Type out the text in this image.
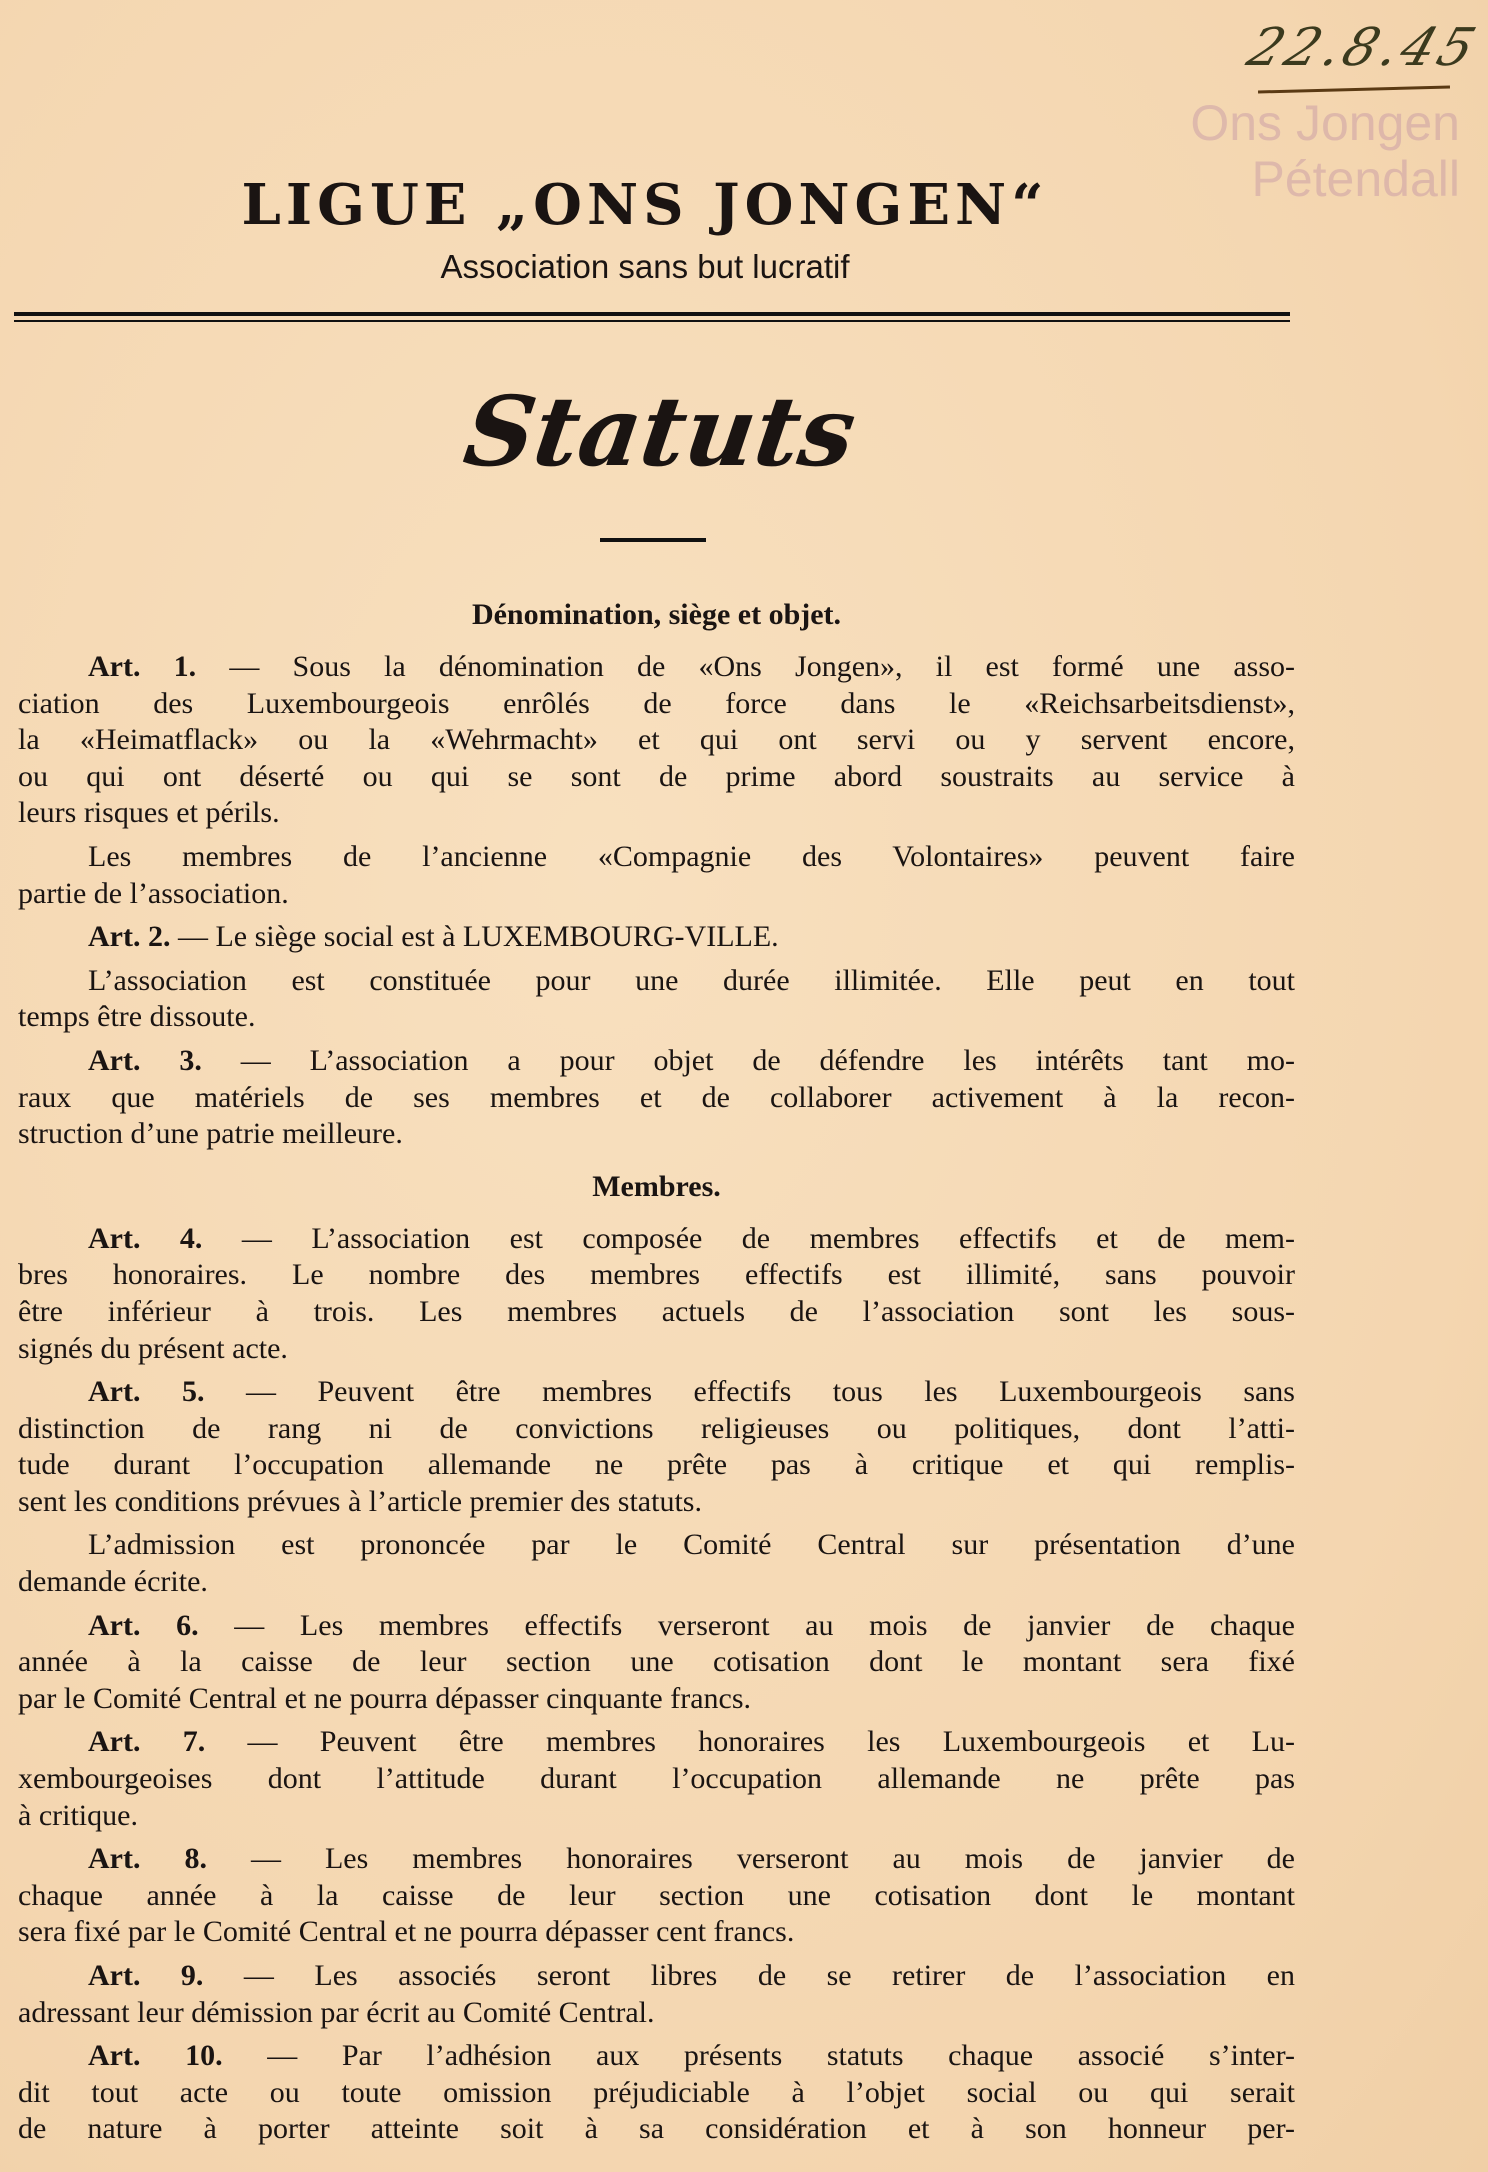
22.8.45
Ons Jongen
Pétendall
LIGUE „ONS JONGEN“
Association sans but lucratif
Statuts
Dénomination, siège et objet.
Art. 1. — Sous la dénomination de «Ons Jongen», il est formé une asso-
ciation des Luxembourgeois enrôlés de force dans le «Reichsarbeitsdienst»,
la «Heimatflack» ou la «Wehrmacht» et qui ont servi ou y servent encore,
ou qui ont déserté ou qui se sont de prime abord soustraits au service à
leurs risques et périls.
Les membres de l’ancienne «Compagnie des Volontaires» peuvent faire
partie de l’association.
Art. 2. — Le siège social est à LUXEMBOURG-VILLE.
L’association est constituée pour une durée illimitée. Elle peut en tout
temps être dissoute.
Art. 3. — L’association a pour objet de défendre les intérêts tant mo-
raux que matériels de ses membres et de collaborer activement à la recon-
struction d’une patrie meilleure.
Membres.
Art. 4. — L’association est composée de membres effectifs et de mem-
bres honoraires. Le nombre des membres effectifs est illimité, sans pouvoir
être inférieur à trois. Les membres actuels de l’association sont les sous-
signés du présent acte.
Art. 5. — Peuvent être membres effectifs tous les Luxembourgeois sans
distinction de rang ni de convictions religieuses ou politiques, dont l’atti-
tude durant l’occupation allemande ne prête pas à critique et qui remplis-
sent les conditions prévues à l’article premier des statuts.
L’admission est prononcée par le Comité Central sur présentation d’une
demande écrite.
Art. 6. — Les membres effectifs verseront au mois de janvier de chaque
année à la caisse de leur section une cotisation dont le montant sera fixé
par le Comité Central et ne pourra dépasser cinquante francs.
Art. 7. — Peuvent être membres honoraires les Luxembourgeois et Lu-
xembourgeoises dont l’attitude durant l’occupation allemande ne prête pas
à critique.
Art. 8. — Les membres honoraires verseront au mois de janvier de
chaque année à la caisse de leur section une cotisation dont le montant
sera fixé par le Comité Central et ne pourra dépasser cent francs.
Art. 9. — Les associés seront libres de se retirer de l’association en
adressant leur démission par écrit au Comité Central.
Art. 10. — Par l’adhésion aux présents statuts chaque associé s’inter-
dit tout acte ou toute omission préjudiciable à l’objet social ou qui serait
de nature à porter atteinte soit à sa considération et à son honneur per-
